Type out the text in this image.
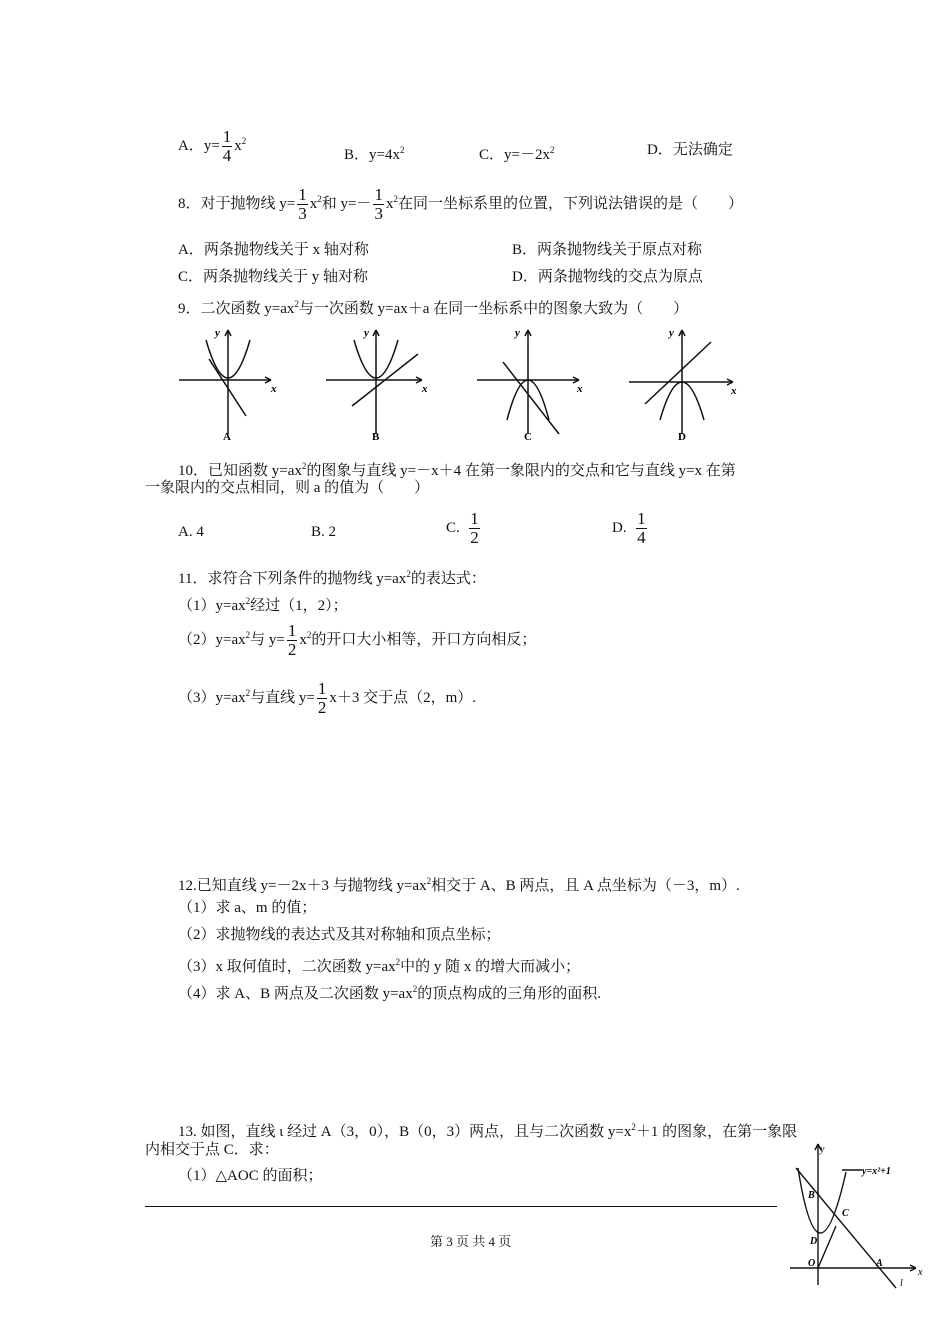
A．$y= \frac{1}{4} x^2$
B．$y=4x^2$	C．$y=-2x^2$	D．无法确定
8．对于抛物线 $y= \frac{1}{3} x^2$和 $y=- \frac{1}{3} x^2$在同一坐标系里的位置，下列说法错误的是（　　）
A．两条抛物线关于 x 轴对称	B．两条抛物线关于原点对称
C．两条抛物线关于 y 轴对称	D．两条抛物线的交点为原点
9．二次函数 $y=ax^2$与一次函数 y=ax＋a 在同一坐标系中的图象大致为（　　）
y
x
A
y
x
B
y
x
C
y
x
D
10．已知函数 $y=ax^2$的图象与直线 y=－x＋4 在第一象限内的交点和它与直线 y=x 在第
一象限内的交点相同，则 a 的值为（　　）
A. 4	B. 2	C. $\frac{1}{2}$	D. $\frac{1}{4}$
11．求符合下列条件的抛物线 $y=ax^2$的表达式：
$(1)y=ax^2$经过（1，2）；
$(2)y=ax^2$与 $y= \frac{1}{2} x^2$的开口大小相等，开口方向相反；
$(3)y=ax^2$与直线 $y= \frac{1}{2} x+3$ 交于点（2，m）.
12.已知直线 y=－2x＋3 与抛物线 $y=ax^2$相交于 A、B 两点，且 A 点坐标为（－3，m）.
（1）求 a、m 的值；
（2）求抛物线的表达式及其对称轴和顶点坐标；
（3）x 取何值时，二次函数 $y=ax^2$中的 y 随 x 的增大而减小；
（4）求 A、B 两点及二次函数 $y=ax^2$的顶点构成的三角形的面积.
13. 如图，直线 ι 经过 A（3，0），B（0，3）两点，且与二次函数 $y=x^2+1$ 的图象，在第一象限
内相交于点 C．求：
（1）△AOC 的面积；
y
x
y=x²+1
B
C
D
O	A
l
第 3 页 共 4 页
